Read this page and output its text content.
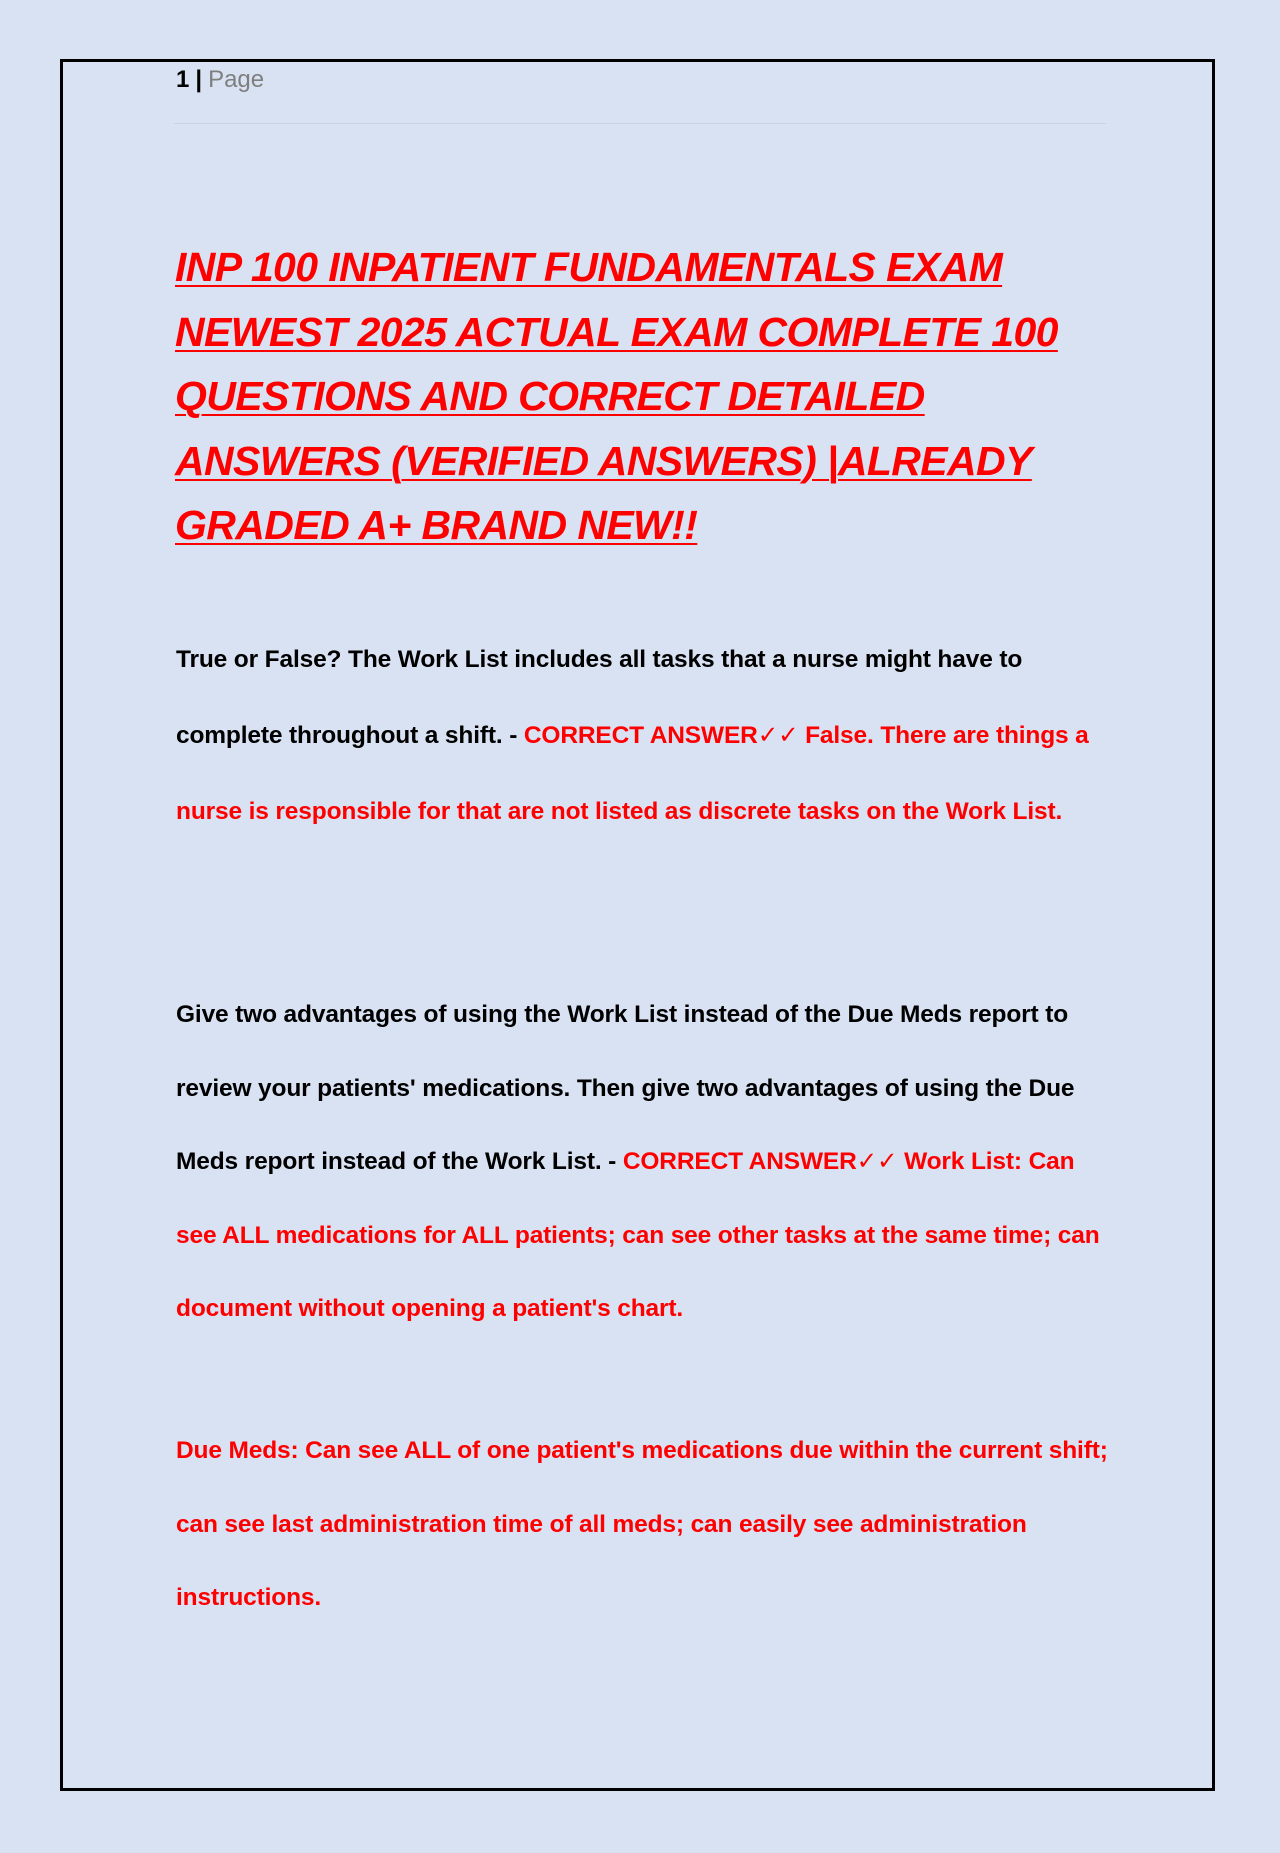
1 | Page
INP 100 INPATIENT FUNDAMENTALS EXAM NEWEST 2025 ACTUAL EXAM COMPLETE 100 QUESTIONS AND CORRECT DETAILED ANSWERS (VERIFIED ANSWERS) |ALREADY GRADED A+ BRAND NEW!!

True or False? The Work List includes all tasks that a nurse might have to complete throughout a shift. - CORRECT ANSWER✓✓ False. There are things a nurse is responsible for that are not listed as discrete tasks on the Work List.

Give two advantages of using the Work List instead of the Due Meds report to review your patients' medications. Then give two advantages of using the Due Meds report instead of the Work List. - CORRECT ANSWER✓✓ Work List: Can see ALL medications for ALL patients; can see other tasks at the same time; can document without opening a patient's chart.

Due Meds: Can see ALL of one patient's medications due within the current shift; can see last administration time of all meds; can easily see administration instructions.
